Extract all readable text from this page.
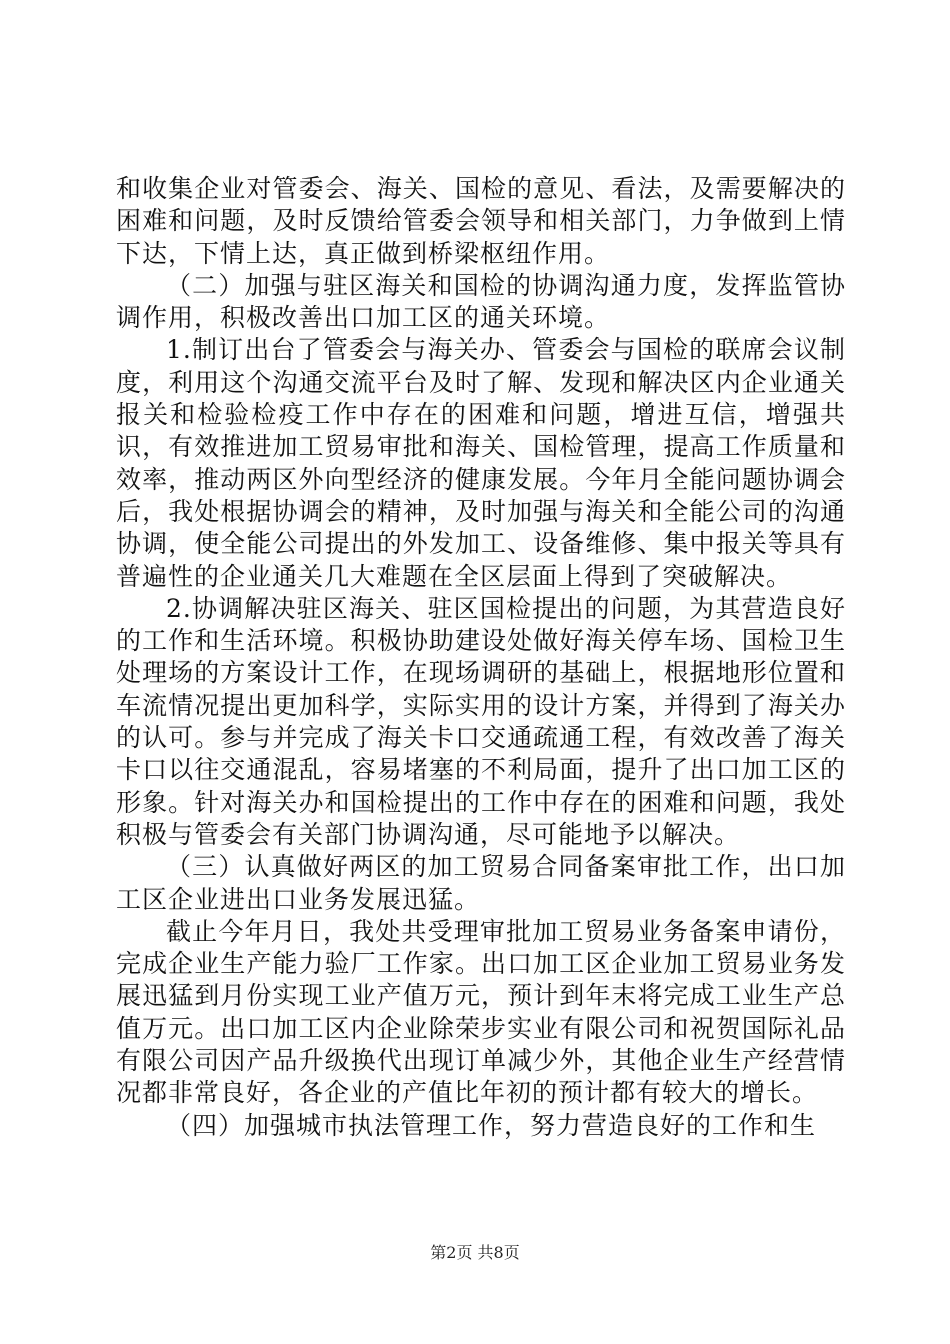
和收集企业对管委会、海关、国检的意见、看法，及需要解决的困难和问题，及时反馈给管委会领导和相关部门，力争做到上情下达，下情上达，真正做到桥梁枢纽作用。

（二）加强与驻区海关和国检的协调沟通力度，发挥监管协调作用，积极改善出口加工区的通关环境。

1.制订出台了管委会与海关办、管委会与国检的联席会议制度，利用这个沟通交流平台及时了解、发现和解决区内企业通关报关和检验检疫工作中存在的困难和问题，增进互信，增强共识，有效推进加工贸易审批和海关、国检管理，提高工作质量和效率，推动两区外向型经济的健康发展。今年月全能问题协调会后，我处根据协调会的精神，及时加强与海关和全能公司的沟通协调，使全能公司提出的外发加工、设备维修、集中报关等具有普遍性的企业通关几大难题在全区层面上得到了突破解决。

2.协调解决驻区海关、驻区国检提出的问题，为其营造良好的工作和生活环境。积极协助建设处做好海关停车场、国检卫生处理场的方案设计工作，在现场调研的基础上，根据地形位置和车流情况提出更加科学，实际实用的设计方案，并得到了海关办的认可。参与并完成了海关卡口交通疏通工程，有效改善了海关卡口以往交通混乱，容易堵塞的不利局面，提升了出口加工区的形象。针对海关办和国检提出的工作中存在的困难和问题，我处积极与管委会有关部门协调沟通，尽可能地予以解决。

（三）认真做好两区的加工贸易合同备案审批工作，出口加工区企业进出口业务发展迅猛。

截止今年月日，我处共受理审批加工贸易业务备案申请份，完成企业生产能力验厂工作家。出口加工区企业加工贸易业务发展迅猛到月份实现工业产值万元，预计到年末将完成工业生产总值万元。出口加工区内企业除荣步实业有限公司和祝贺国际礼品有限公司因产品升级换代出现订单减少外，其他企业生产经营情况都非常良好，各企业的产值比年初的预计都有较大的增长。

（四）加强城市执法管理工作，努力营造良好的工作和生

第2页 共8页
